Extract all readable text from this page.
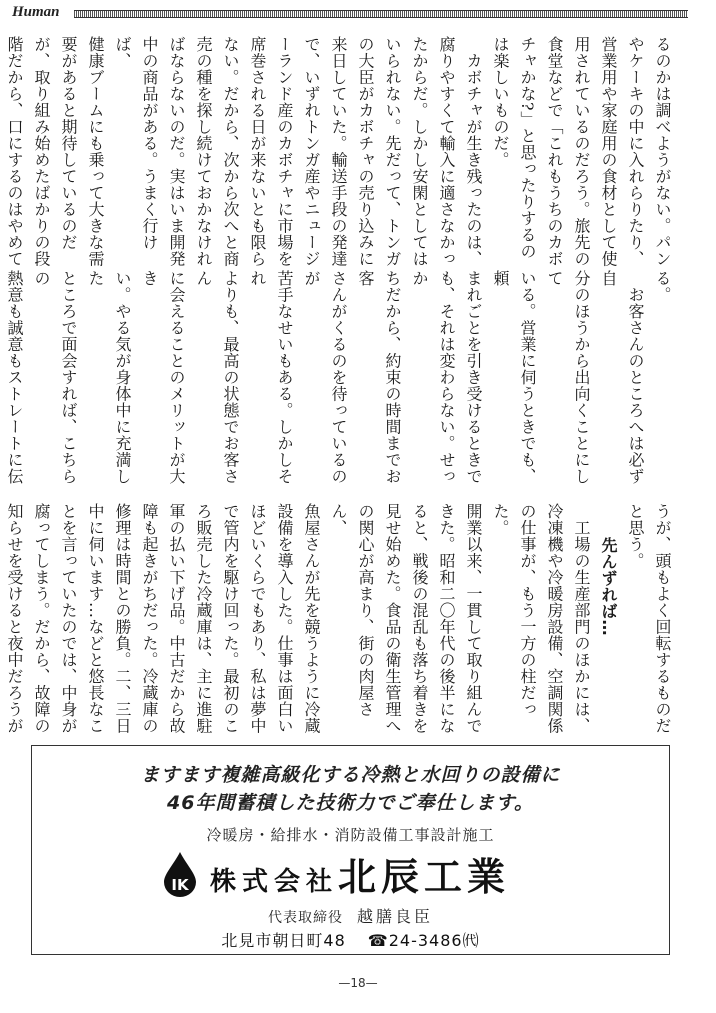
Human
るのかは調べようがない。パン
やケーキの中に入れらりたり、
営業用や家庭用の食材として使
用されているのだろう。旅先の
食堂などで「これもうちのカボ
チャかな?」と思ったりするの
は楽しいものだ。
　カボチャが生き残ったのは、
腐りやすくて輸入に適さなかっ
たからだ。しかし安閑としては
いられない。先だって、トンガ
の大臣がカボチャの売り込みに
来日していた。輸送手段の発達
で、いずれトンガ産やニュージ
ーランド産のカボチャに市場を
席巻される日が来ないとも限ら
ない。だから、次から次へと商
売の種を探し続けておかなけれ
ばならないのだ。実はいま開発
中の商品がある。うまく行けば、
健康ブームにも乗って大きな需
要があると期待しているのだ
が、取り組み始めたばかりの段
階だから、口にするのはやめて
る。
　お客さんのところへは必ず自
分のほうから出向くことにして
いる。営業に伺うときでも、頼
まれごとを引き受けるときで
も、それは変わらない。せっか
ちだから、約束の時間までお客
さんがくるのを待っているのが
苦手なせいもある。しかしそれ
よりも、最高の状態でお客さん
に会えることのメリットが大き
い。やる気が身体中に充満した
ところで面会すれば、こちらの
熱意も誠意もストレートに伝
うが、頭もよく回転するものだ
と思う。
先んずれば…
　工場の生産部門のほかには、
冷凍機や冷暖房設備、空調関係
の仕事が、もう一方の柱だった。
開業以来、一貫して取り組んで
きた。昭和二〇年代の後半にな
ると、戦後の混乱も落ち着きを
見せ始めた。食品の衛生管理へ
の関心が高まり、街の肉屋さん、
魚屋さんが先を競うように冷蔵
設備を導入した。仕事は面白い
ほどいくらでもあり、私は夢中
で管内を駆け回った。最初のこ
ろ販売した冷蔵庫は、主に進駐
軍の払い下げ品。中古だから故
障も起きがちだった。冷蔵庫の
修理は時間との勝負。二、三日
中に伺います…などと悠長なこ
とを言っていたのでは、中身が
腐ってしまう。だから、故障の
知らせを受けると夜中だろうが
ますます複雑高級化する冷熱と水回りの設備に
46年間蓄積した技術力でご奉仕します。
冷暖房・給排水・消防設備工事設計施工
IK 株式会社北辰工業
代表取締役 越膳良臣
北見市朝日町48 ☎24-3486㈹
—18—
